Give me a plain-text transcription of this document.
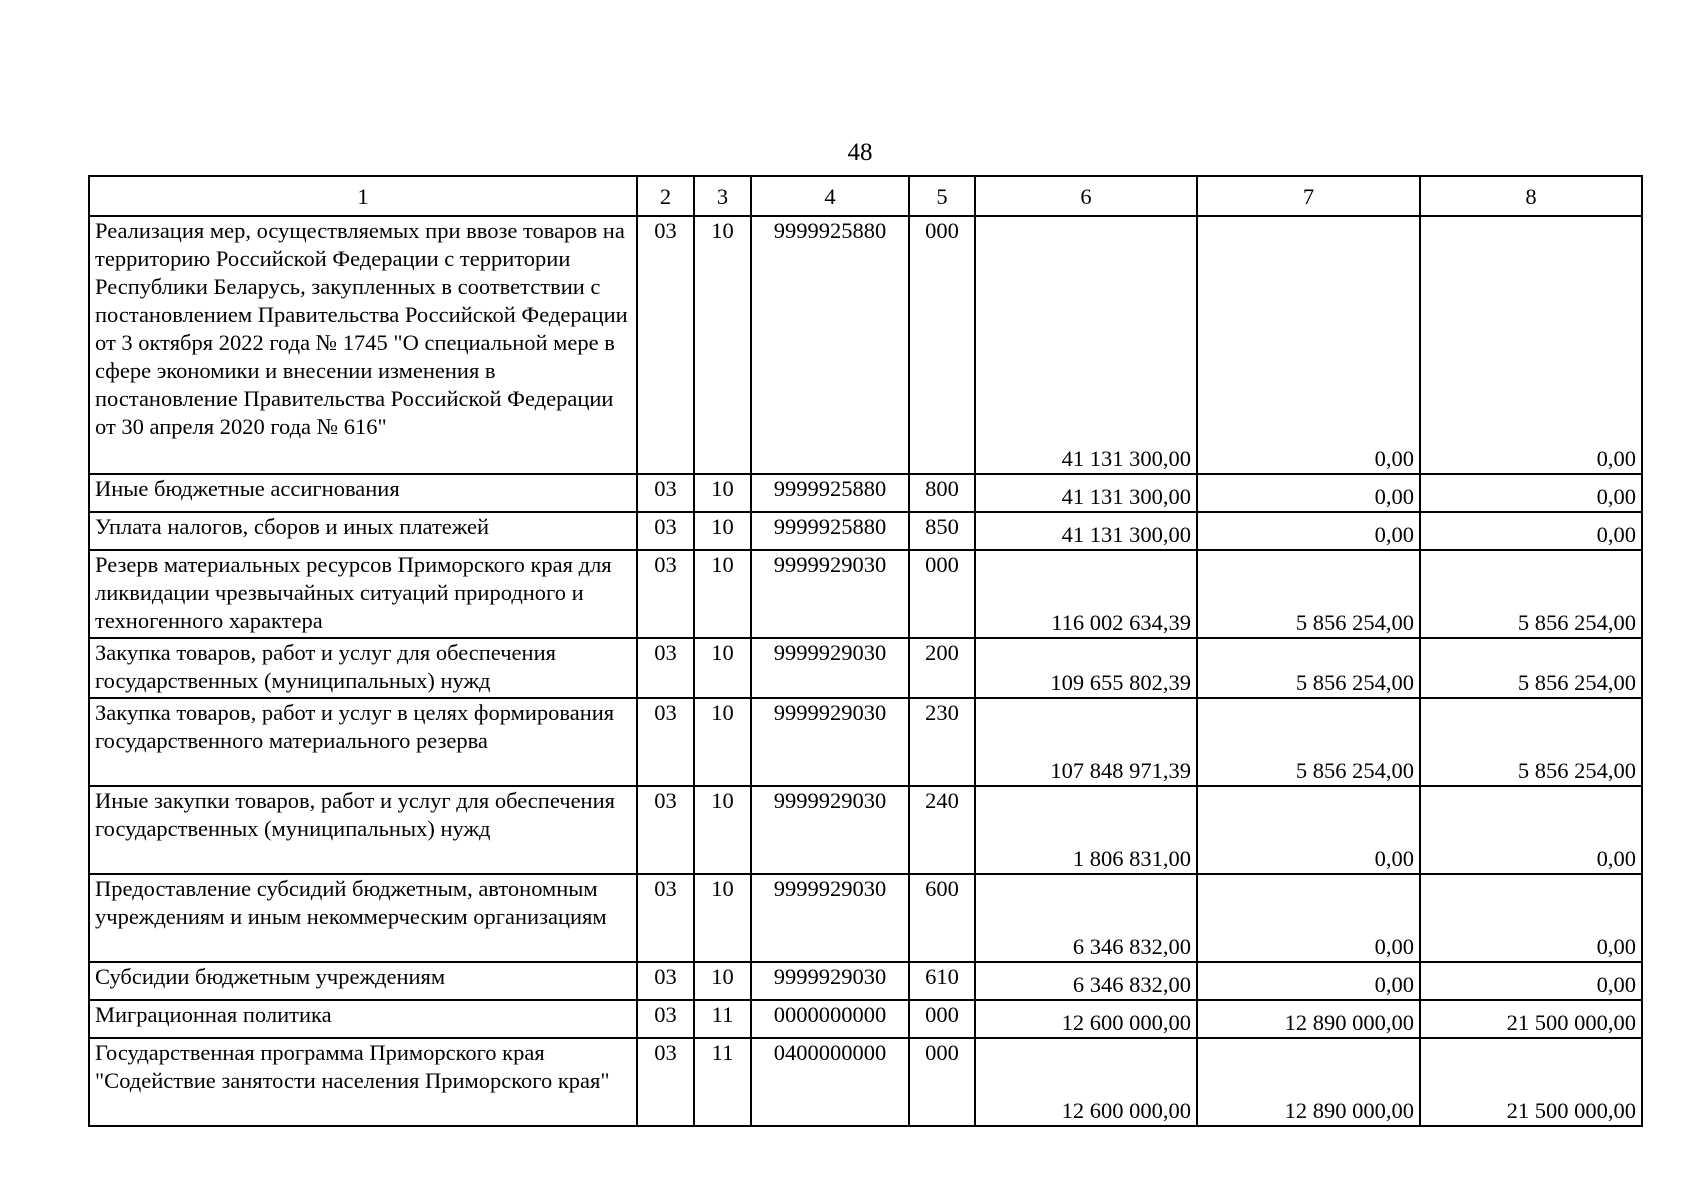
48
1	2	3	4	5	6	7	8
Реализация мер, осуществляемых при ввозе товаров на территорию Российской Федерации с территории Республики Беларусь, закупленных в соответствии с постановлением Правительства Российской Федерации от 3 октября 2022 года № 1745 "О специальной мере в сфере экономики и внесении изменения в постановление Правительства Российской Федерации от 30 апреля 2020 года № 616"	03	10	9999925880	000	41 131 300,00	0,00	0,00
Иные бюджетные ассигнования	03	10	9999925880	800	41 131 300,00	0,00	0,00
Уплата налогов, сборов и иных платежей	03	10	9999925880	850	41 131 300,00	0,00	0,00
Резерв материальных ресурсов Приморского края для ликвидации чрезвычайных ситуаций природного и техногенного характера	03	10	9999929030	000	116 002 634,39	5 856 254,00	5 856 254,00
Закупка товаров, работ и услуг для обеспечения государственных (муниципальных) нужд	03	10	9999929030	200	109 655 802,39	5 856 254,00	5 856 254,00
Закупка товаров, работ и услуг в целях формирования государственного материального резерва	03	10	9999929030	230	107 848 971,39	5 856 254,00	5 856 254,00
Иные закупки товаров, работ и услуг для обеспечения государственных (муниципальных) нужд	03	10	9999929030	240	1 806 831,00	0,00	0,00
Предоставление субсидий бюджетным, автономным учреждениям и иным некоммерческим организациям	03	10	9999929030	600	6 346 832,00	0,00	0,00
Субсидии бюджетным учреждениям	03	10	9999929030	610	6 346 832,00	0,00	0,00
Миграционная политика	03	11	0000000000	000	12 600 000,00	12 890 000,00	21 500 000,00
Государственная программа Приморского края "Содействие занятости населения Приморского края"	03	11	0400000000	000	12 600 000,00	12 890 000,00	21 500 000,00
